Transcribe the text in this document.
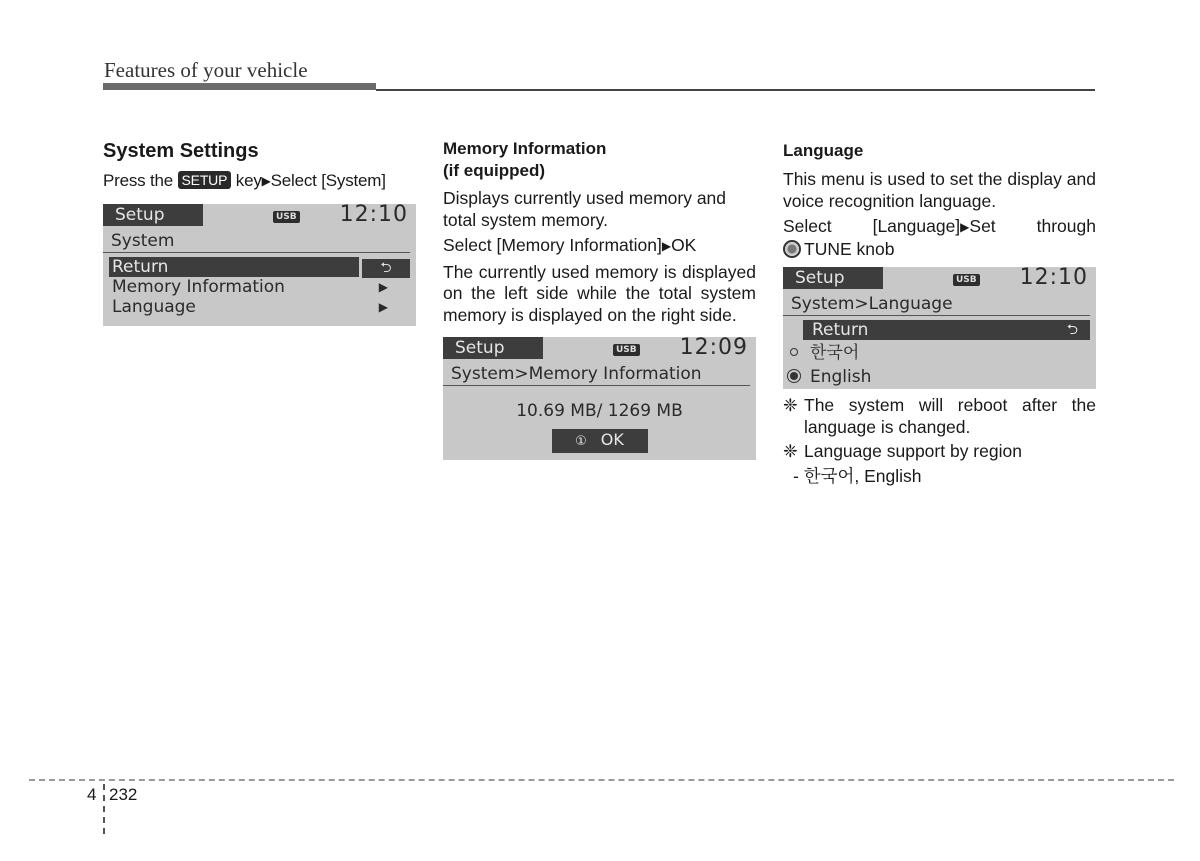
Features of your vehicle
System Settings

Press the SETUP key▶Select [System]

Setup	USB 12:10
System
Return	⮌
Memory Information	▶
Language	▶
Memory Information
(if equipped)

Displays currently used memory and total system memory.

Select [Memory Information]▶OK

The currently used memory is displayed on the left side while the total system memory is displayed on the right side.

Setup	USB 12:09
System>Memory Information
10.69 MB/ 1269 MB
① OK
Language

This menu is used to set the display and voice recognition language.

Select [Language]▶Set through

TUNE knob

Setup	USB 12:10
System>Language
Return	⮌
한국어
English

❈ The system will reboot after the language is changed.

❈ Language support by region

- 한국어, English
4 232
